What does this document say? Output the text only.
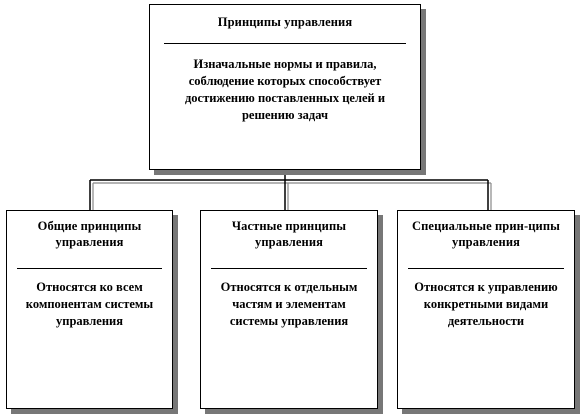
Принципы управления
Изначальные нормы и правила, соблюдение которых способствует достижению поставленных целей и решению задач
Общие принципы управления
Относятся ко всем компонентам системы управления
Частные принципы управления
Относятся к отдельным частям и элементам системы управления
Специальные прин-ципы управления
Относятся к управлению конкретными видами деятельности
